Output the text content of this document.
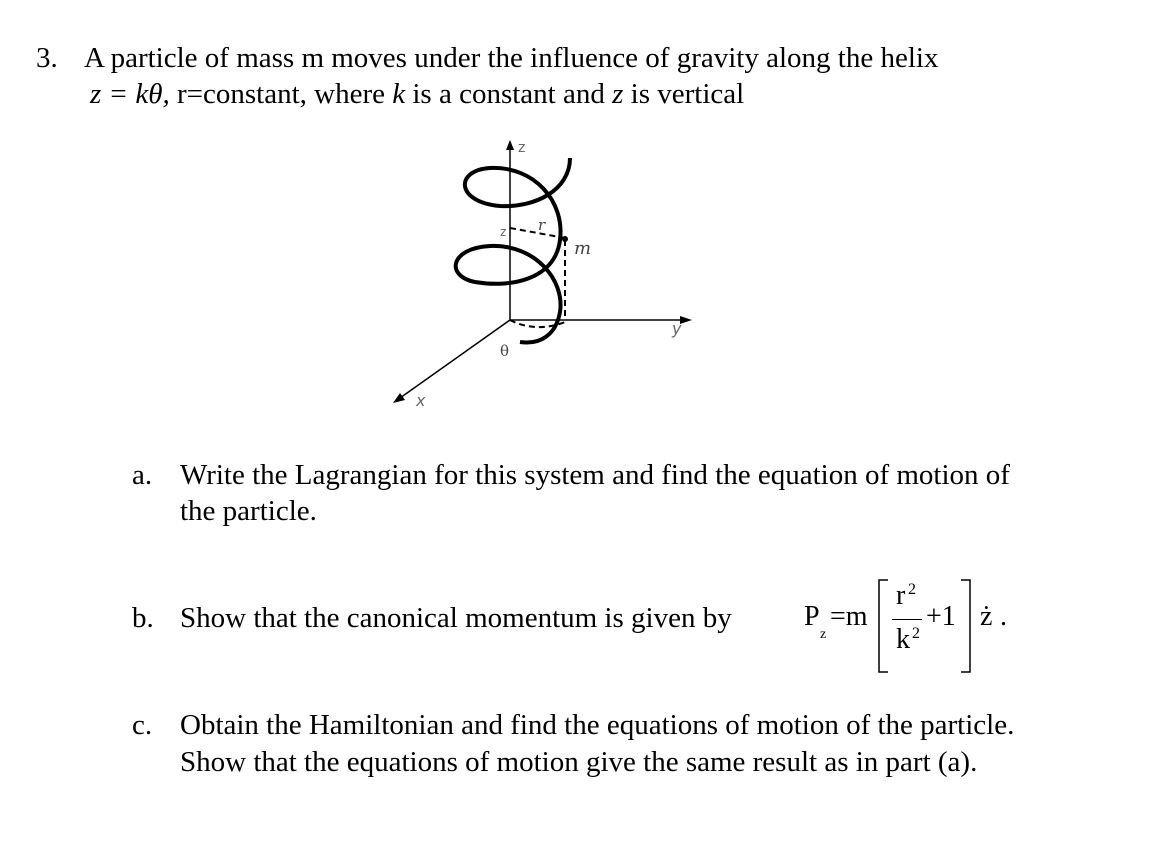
3. A particle of mass m moves under the influence of gravity along the helix
z = kθ, r=constant, where k is a constant and z is vertical
z
y
x
m
r
z
θ
a. Write the Lagrangian for this system and find the equation of motion of
the particle.
b. Show that the canonical momentum is given by	P
z
=m
r 2
k 2
+1 ż .
c. Obtain the Hamiltonian and find the equations of motion of the particle.
Show that the equations of motion give the same result as in part (a).
